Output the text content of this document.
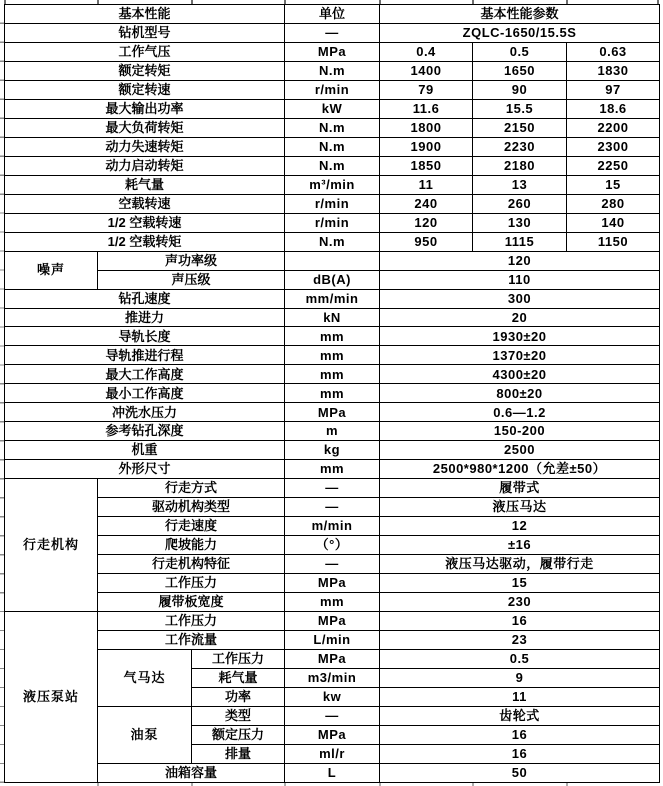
基本性能			单位	基本性能参数		
钻机型号			—	ZQLC-1650/15.5S		
工作气压			MPa	0.4	0.5	0.63
额定转矩			N.m	1400	1650	1830
额定转速			r/min	79	90	97
最大输出功率			kW	11.6	15.5	18.6
最大负荷转矩			N.m	1800	2150	2200
动力失速转矩			N.m	1900	2230	2300
动力启动转矩			N.m	1850	2180	2250
耗气量			m³/min	11	13	15
空载转速			r/min	240	260	280
1/2 空载转速			r/min	120	130	140
1/2 空载转矩			N.m	950	1115	1150
噪声	声功率级			120		
	声压级		dB(A)	110		
钻孔速度			mm/min	300		
推进力			kN	20		
导轨长度			mm	1930±20		
导轨推进行程			mm	1370±20		
最大工作高度			mm	4300±20		
最小工作高度			mm	800±20		
冲洗水压力			MPa	0.6—1.2		
参考钻孔深度			m	150-200		
机重			kg	2500		
外形尺寸			mm	2500*980*1200（允差±50）		
行走机构	行走方式		—	履带式		
	驱动机构类型		—	液压马达		
	行走速度		m/min	12		
	爬坡能力		（°）	±16		
	行走机构特征		—	液压马达驱动，履带行走		
	工作压力		MPa	15		
	履带板宽度		mm	230		
液压泵站	工作压力		MPa	16		
	工作流量		L/min	23		
	气马达	工作压力	MPa	0.5		
		耗气量	m3/min	9		
		功率	kw	11		
	油泵	类型	—	齿轮式		
		额定压力	MPa	16		
		排量	ml/r	16		
	油箱容量		L	50		
